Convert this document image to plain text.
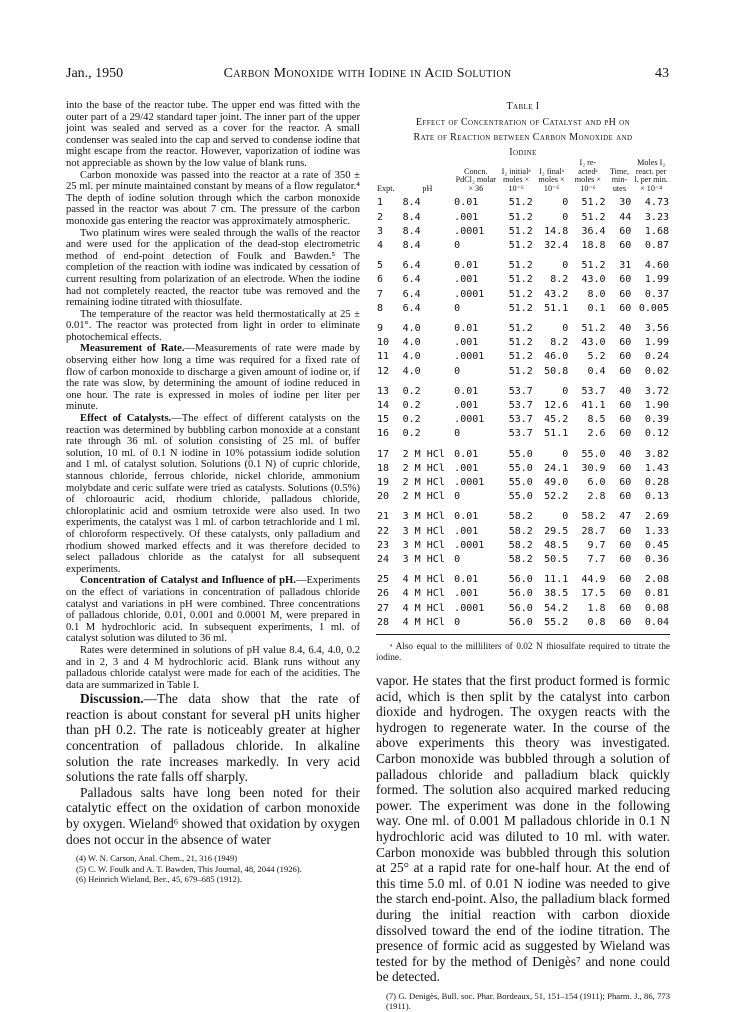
Jan., 1950	Carbon Monoxide with Iodine in Acid Solution	43

into the base of the reactor tube. The upper end was fitted with the outer part of a 29/42 standard taper joint. The inner part of the upper joint was sealed and served as a cover for the reactor. A small condenser was sealed into the cap and served to condense iodine that might escape from the reactor. However, vaporization of iodine was not appreciable as shown by the low value of blank runs.

Carbon monoxide was passed into the reactor at a rate of 350 ± 25 ml. per minute maintained constant by means of a flow regulator.⁴ The depth of iodine solution through which the carbon monoxide passed in the reactor was about 7 cm. The pressure of the carbon monoxide gas entering the reactor was approximately atmospheric.

Two platinum wires were sealed through the walls of the reactor and were used for the application of the dead-stop electrometric method of end-point detection of Foulk and Bawden.⁵ The completion of the reaction with iodine was indicated by cessation of current resulting from polarization of an electrode. When the iodine had not completely reacted, the reactor tube was removed and the remaining iodine titrated with thiosulfate.

The temperature of the reactor was held thermostatically at 25 ± 0.01°. The reactor was protected from light in order to eliminate photochemical effects.

Measurement of Rate.—Measurements of rate were made by observing either how long a time was required for a fixed rate of flow of carbon monoxide to discharge a given amount of iodine or, if the rate was slow, by determining the amount of iodine reduced in one hour. The rate is expressed in moles of iodine per liter per minute.

Effect of Catalysts.—The effect of different catalysts on the reaction was determined by bubbling carbon monoxide at a constant rate through 36 ml. of solution consisting of 25 ml. of buffer solution, 10 ml. of 0.1 N iodine in 10% potassium iodide solution and 1 ml. of catalyst solution. Solutions (0.1 N) of cupric chloride, stannous chloride, ferrous chloride, nickel chloride, ammonium molybdate and ceric sulfate were tried as catalysts. Solutions (0.5%) of chloroauric acid, rhodium chloride, palladous chloride, chloroplatinic acid and osmium tetroxide were also used. In two experiments, the catalyst was 1 ml. of carbon tetrachloride and 1 ml. of chloroform respectively. Of these catalysts, only palladium and rhodium showed marked effects and it was therefore decided to select palladous chloride as the catalyst for all subsequent experiments.

Concentration of Catalyst and Influence of pH.—Experiments on the effect of variations in concentration of palladous chloride catalyst and variations in pH were combined. Three concentrations of palladous chloride, 0.01, 0.001 and 0.0001 M, were prepared in 0.1 M hydrochloric acid. In subsequent experiments, 1 ml. of catalyst solution was diluted to 36 ml.

Rates were determined in solutions of pH value 8.4, 6.4, 4.0, 0.2 and in 2, 3 and 4 M hydrochloric acid. Blank runs without any palladous chloride catalyst were made for each of the acidities. The data are summarized in Table I.

Discussion.—The data show that the rate of reaction is about constant for several pH units higher than pH 0.2. The rate is noticeably greater at higher concentration of palladous chloride. In alkaline solution the rate increases markedly. In very acid solutions the rate falls off sharply.

Palladous salts have long been noted for their catalytic effect on the oxidation of carbon monoxide by oxygen. Wieland⁶ showed that oxidation by oxygen does not occur in the absence of water

(4) W. N. Carson, Anal. Chem., 21, 316 (1949)
(5) C. W. Foulk and A. T. Bawden, This Journal, 48, 2044 (1926).
(6) Heinrich Wieland, Ber., 45, 679–685 (1912).
Table I
Effect of Concentration of Catalyst and pH on
Rate of Reaction between Carbon Monoxide and
Iodine
Expt.	pH	Concn. PdCl₂ molar × 36	I₂ initialᵃ moles × 10⁻⁶	I₂ finalᵃ moles × 10⁻⁶	I₂ re- actedᵃ moles × 10⁻⁶	Time, min- utes	Moles I₂ react. per l. per min. × 10⁻⁴
1	8.4	0.01	51.2	0	51.2	30	4.73
2	8.4	.001	51.2	0	51.2	44	3.23
3	8.4	.0001	51.2	14.8	36.4	60	1.68
4	8.4	0	51.2	32.4	18.8	60	0.87
5	6.4	0.01	51.2	0	51.2	31	4.60
6	6.4	.001	51.2	8.2	43.0	60	1.99
7	6.4	.0001	51.2	43.2	8.0	60	0.37
8	6.4	0	51.2	51.1	0.1	60	0.005
9	4.0	0.01	51.2	0	51.2	40	3.56
10	4.0	.001	51.2	8.2	43.0	60	1.99
11	4.0	.0001	51.2	46.0	5.2	60	0.24
12	4.0	0	51.2	50.8	0.4	60	0.02
13	0.2	0.01	53.7	0	53.7	40	3.72
14	0.2	.001	53.7	12.6	41.1	60	1.90
15	0.2	.0001	53.7	45.2	8.5	60	0.39
16	0.2	0	53.7	51.1	2.6	60	0.12
17	2 M HCl	0.01	55.0	0	55.0	40	3.82
18	2 M HCl	.001	55.0	24.1	30.9	60	1.43
19	2 M HCl	.0001	55.0	49.0	6.0	60	0.28
20	2 M HCl	0	55.0	52.2	2.8	60	0.13
21	3 M HCl	0.01	58.2	0	58.2	47	2.69
22	3 M HCl	.001	58.2	29.5	28.7	60	1.33
23	3 M HCl	.0001	58.2	48.5	9.7	60	0.45
24	3 M HCl	0	58.2	50.5	7.7	60	0.36
25	4 M HCl	0.01	56.0	11.1	44.9	60	2.08
26	4 M HCl	.001	56.0	38.5	17.5	60	0.81
27	4 M HCl	.0001	56.0	54.2	1.8	60	0.08
28	4 M HCl	0	56.0	55.2	0.8	60	0.04

ᵃ Also equal to the milliliters of 0.02 N thiosulfate required to titrate the iodine.

vapor. He states that the first product formed is formic acid, which is then split by the catalyst into carbon dioxide and hydrogen. The oxygen reacts with the hydrogen to regenerate water. In the course of the above experiments this theory was investigated. Carbon monoxide was bubbled through a solution of palladous chloride and palladium black quickly formed. The solution also acquired marked reducing power. The experiment was done in the following way. One ml. of 0.001 M palladous chloride in 0.1 N hydrochloric acid was diluted to 10 ml. with water. Carbon monoxide was bubbled through this solution at 25° at a rapid rate for one-half hour. At the end of this time 5.0 ml. of 0.01 N iodine was needed to give the starch end-point. Also, the palladium black formed during the initial reaction with carbon dioxide dissolved toward the end of the iodine titration. The presence of formic acid as suggested by Wieland was tested for by the method of Denigès⁷ and none could be detected.

(7) G. Denigès, Bull. soc. Phar. Bordeaux, 51, 151–154 (1911); Pharm. J., 86, 773 (1911).
